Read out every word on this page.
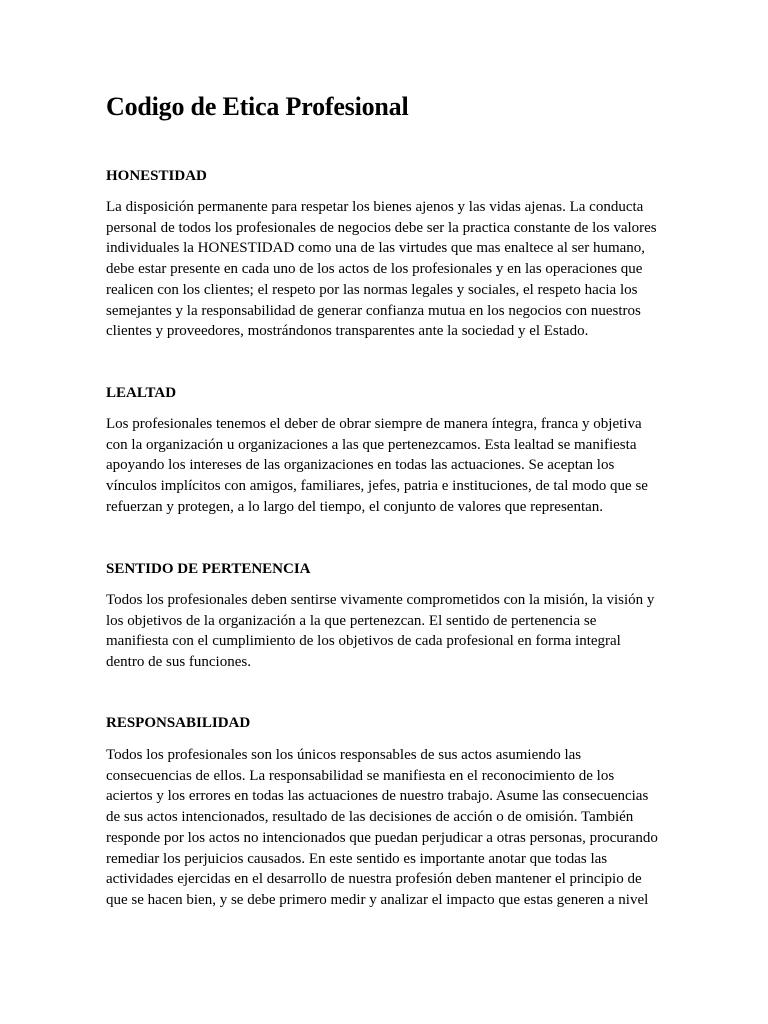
Codigo de Etica Profesional
HONESTIDAD

La disposición permanente para respetar los bienes ajenos y las vidas ajenas. La conducta personal de todos los profesionales de negocios debe ser la practica constante de los valores individuales la HONESTIDAD como una de las virtudes que mas enaltece al ser humano, debe estar presente en cada uno de los actos de los profesionales y en las operaciones que realicen con los clientes; el respeto por las normas legales y sociales, el respeto hacia los semejantes y la responsabilidad de generar confianza mutua en los negocios con nuestros clientes y proveedores, mostrándonos transparentes ante la sociedad y el Estado.

LEALTAD

Los profesionales tenemos el deber de obrar siempre de manera íntegra, franca y objetiva con la organización u organizaciones a las que pertenezcamos. Esta lealtad se manifiesta apoyando los intereses de las organizaciones en todas las actuaciones. Se aceptan los vínculos implícitos con amigos, familiares, jefes, patria e instituciones, de tal modo que se refuerzan y protegen, a lo largo del tiempo, el conjunto de valores que representan.

SENTIDO DE PERTENENCIA

Todos los profesionales deben sentirse vivamente comprometidos con la misión, la visión y los objetivos de la organización a la que pertenezcan. El sentido de pertenencia se manifiesta con el cumplimiento de los objetivos de cada profesional en forma integral dentro de sus funciones.

RESPONSABILIDAD

Todos los profesionales son los únicos responsables de sus actos asumiendo las consecuencias de ellos. La responsabilidad se manifiesta en el reconocimiento de los aciertos y los errores en todas las actuaciones de nuestro trabajo. Asume las consecuencias de sus actos intencionados, resultado de las decisiones de acción o de omisión. También responde por los actos no intencionados que puedan perjudicar a otras personas, procurando remediar los perjuicios causados. En este sentido es importante anotar que todas las actividades ejercidas en el desarrollo de nuestra profesión deben mantener el principio de que se hacen bien, y se debe primero medir y analizar el impacto que estas generen a nivel
